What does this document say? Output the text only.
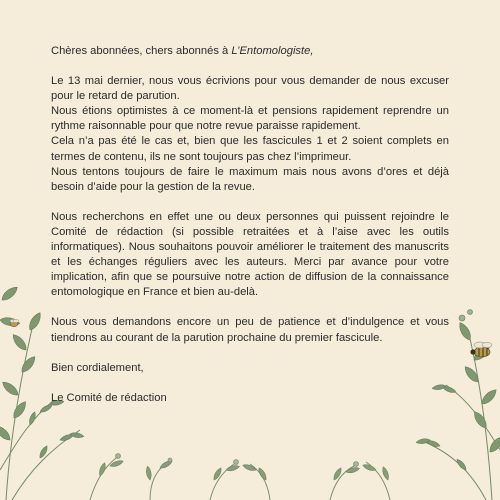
Chères abonnées, chers abonnés à L’Entomologiste,

Le 13 mai dernier, nous vous écrivions pour vous demander de nous excuser pour le retard de parution.

Nous étions optimistes à ce moment-là et pensions rapidement reprendre un rythme raisonnable pour que notre revue paraisse rapidement.

Cela n’a pas été le cas et, bien que les fascicules 1 et 2 soient complets en termes de contenu, ils ne sont toujours pas chez l’imprimeur.

Nous tentons toujours de faire le maximum mais nous avons d’ores et déjà besoin d’aide pour la gestion de la revue.

Nous recherchons en effet une ou deux personnes qui puissent rejoindre le Comité de rédaction (si possible retraitées et à l’aise avec les outils informatiques). Nous souhaitons pouvoir améliorer le traitement des manuscrits et les échanges réguliers avec les auteurs. Merci par avance pour votre implication, afin que se poursuive notre action de diffusion de la connaissance entomologique en France et bien au-delà.

Nous vous demandons encore un peu de patience et d’indulgence et vous tiendrons au courant de la parution prochaine du premier fascicule.

Bien cordialement,

Le Comité de rédaction
